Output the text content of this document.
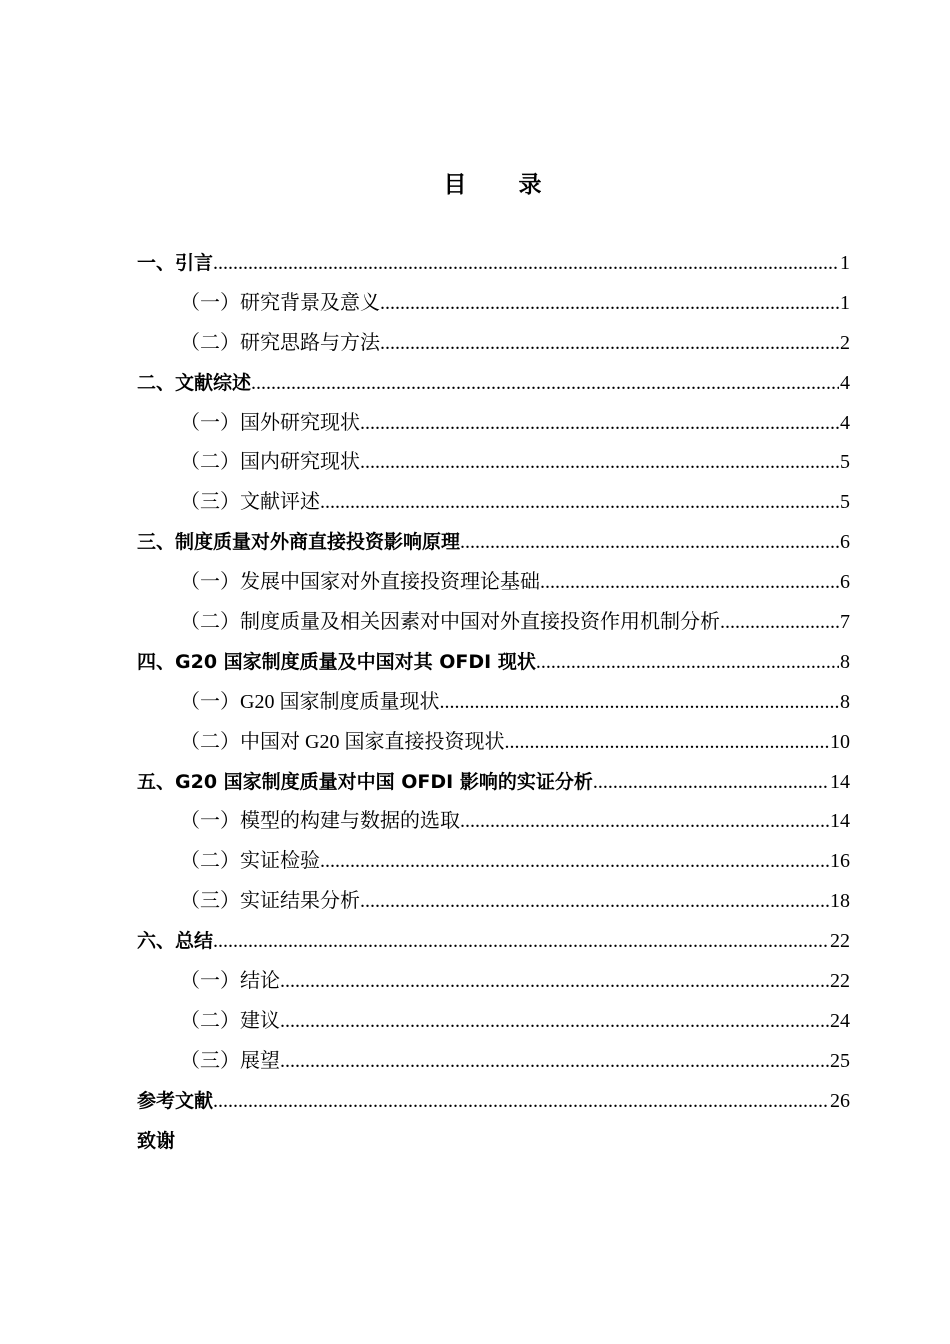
目　　录
一、引言 .....	1
（一）研究背景及意义 .....	1
（二）研究思路与方法 .....	2
二、文献综述 .....	4
（一）国外研究现状 .....	4
（二）国内研究现状 .....	5
（三）文献评述 .....	5
三、制度质量对外商直接投资影响原理 .....	6
（一）发展中国家对外直接投资理论基础 .....	6
（二）制度质量及相关因素对中国对外直接投资作用机制分析 .....	7
四、G20 国家制度质量及中国对其 OFDI 现状 .....	8
（一）G20 国家制度质量现状 .....	8
（二）中国对 G20 国家直接投资现状 .....	10
五、G20 国家制度质量对中国 OFDI 影响的实证分析 .....	14
（一）模型的构建与数据的选取 .....	14
（二）实证检验 .....	16
（三）实证结果分析 .....	18
六、总结 .....	22
（一）结论 .....	22
（二）建议 .....	24
（三）展望 .....	25
参考文献 .....	26
致谢
